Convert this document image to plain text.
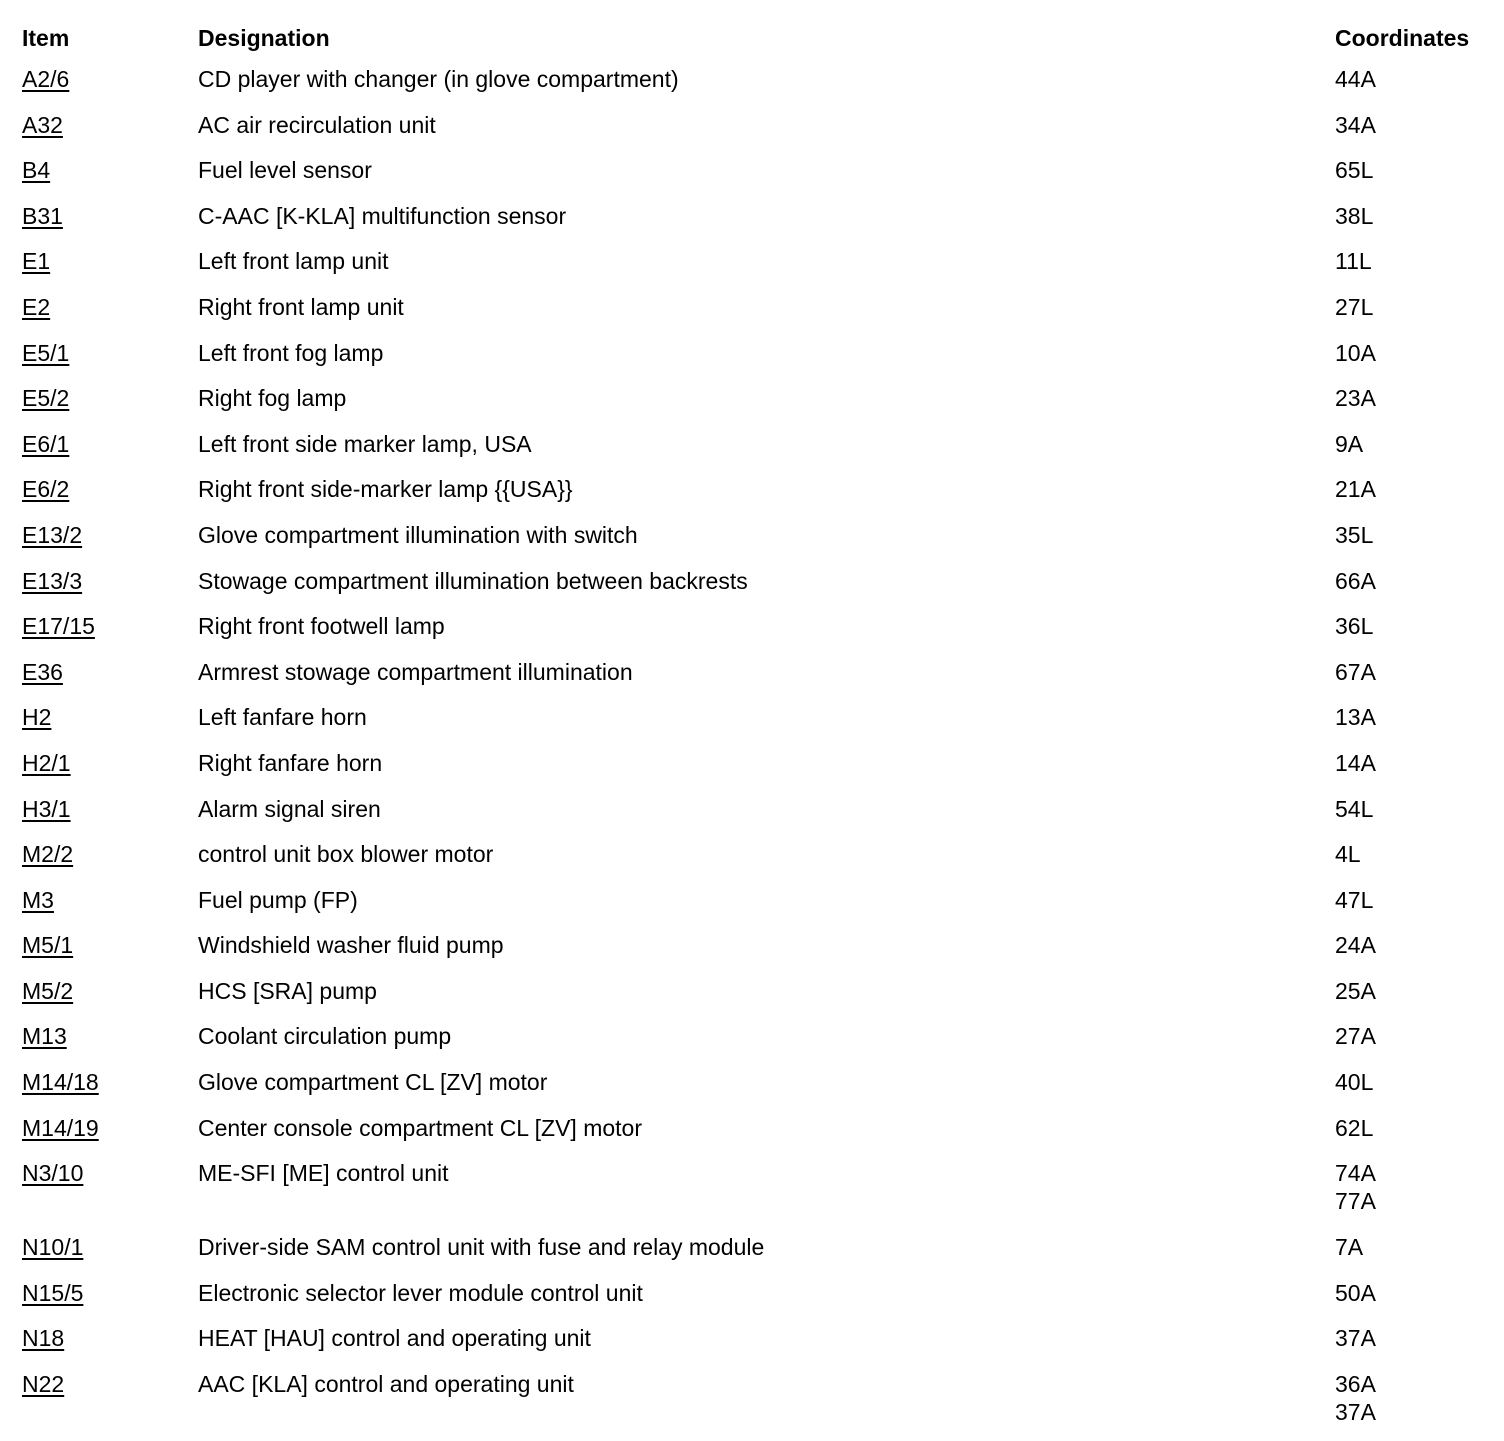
Item	Designation	Coordinates
A2/6	CD player with changer (in glove compartment)	44A

A32	AC air recirculation unit	34A

B4	Fuel level sensor	65L

B31	C-AAC [K-KLA] multifunction sensor	38L

E1	Left front lamp unit	11L

E2	Right front lamp unit	27L

E5/1	Left front fog lamp	10A

E5/2	Right fog lamp	23A

E6/1	Left front side marker lamp, USA	9A

E6/2	Right front side-marker lamp {{USA}}	21A

E13/2	Glove compartment illumination with switch	35L

E13/3	Stowage compartment illumination between backrests	66A

E17/15	Right front footwell lamp	36L

E36	Armrest stowage compartment illumination	67A

H2	Left fanfare horn	13A

H2/1	Right fanfare horn	14A

H3/1	Alarm signal siren	54L

M2/2	control unit box blower motor	4L

M3	Fuel pump (FP)	47L

M5/1	Windshield washer fluid pump	24A

M5/2	HCS [SRA] pump	25A

M13	Coolant circulation pump	27A

M14/18	Glove compartment CL [ZV] motor	40L

M14/19	Center console compartment CL [ZV] motor	62L

N3/10	ME-SFI [ME] control unit	74A
77A

N10/1	Driver-side SAM control unit with fuse and relay module	7A

N15/5	Electronic selector lever module control unit	50A

N18	HEAT [HAU] control and operating unit	37A

N22	AAC [KLA] control and operating unit	36A
37A
